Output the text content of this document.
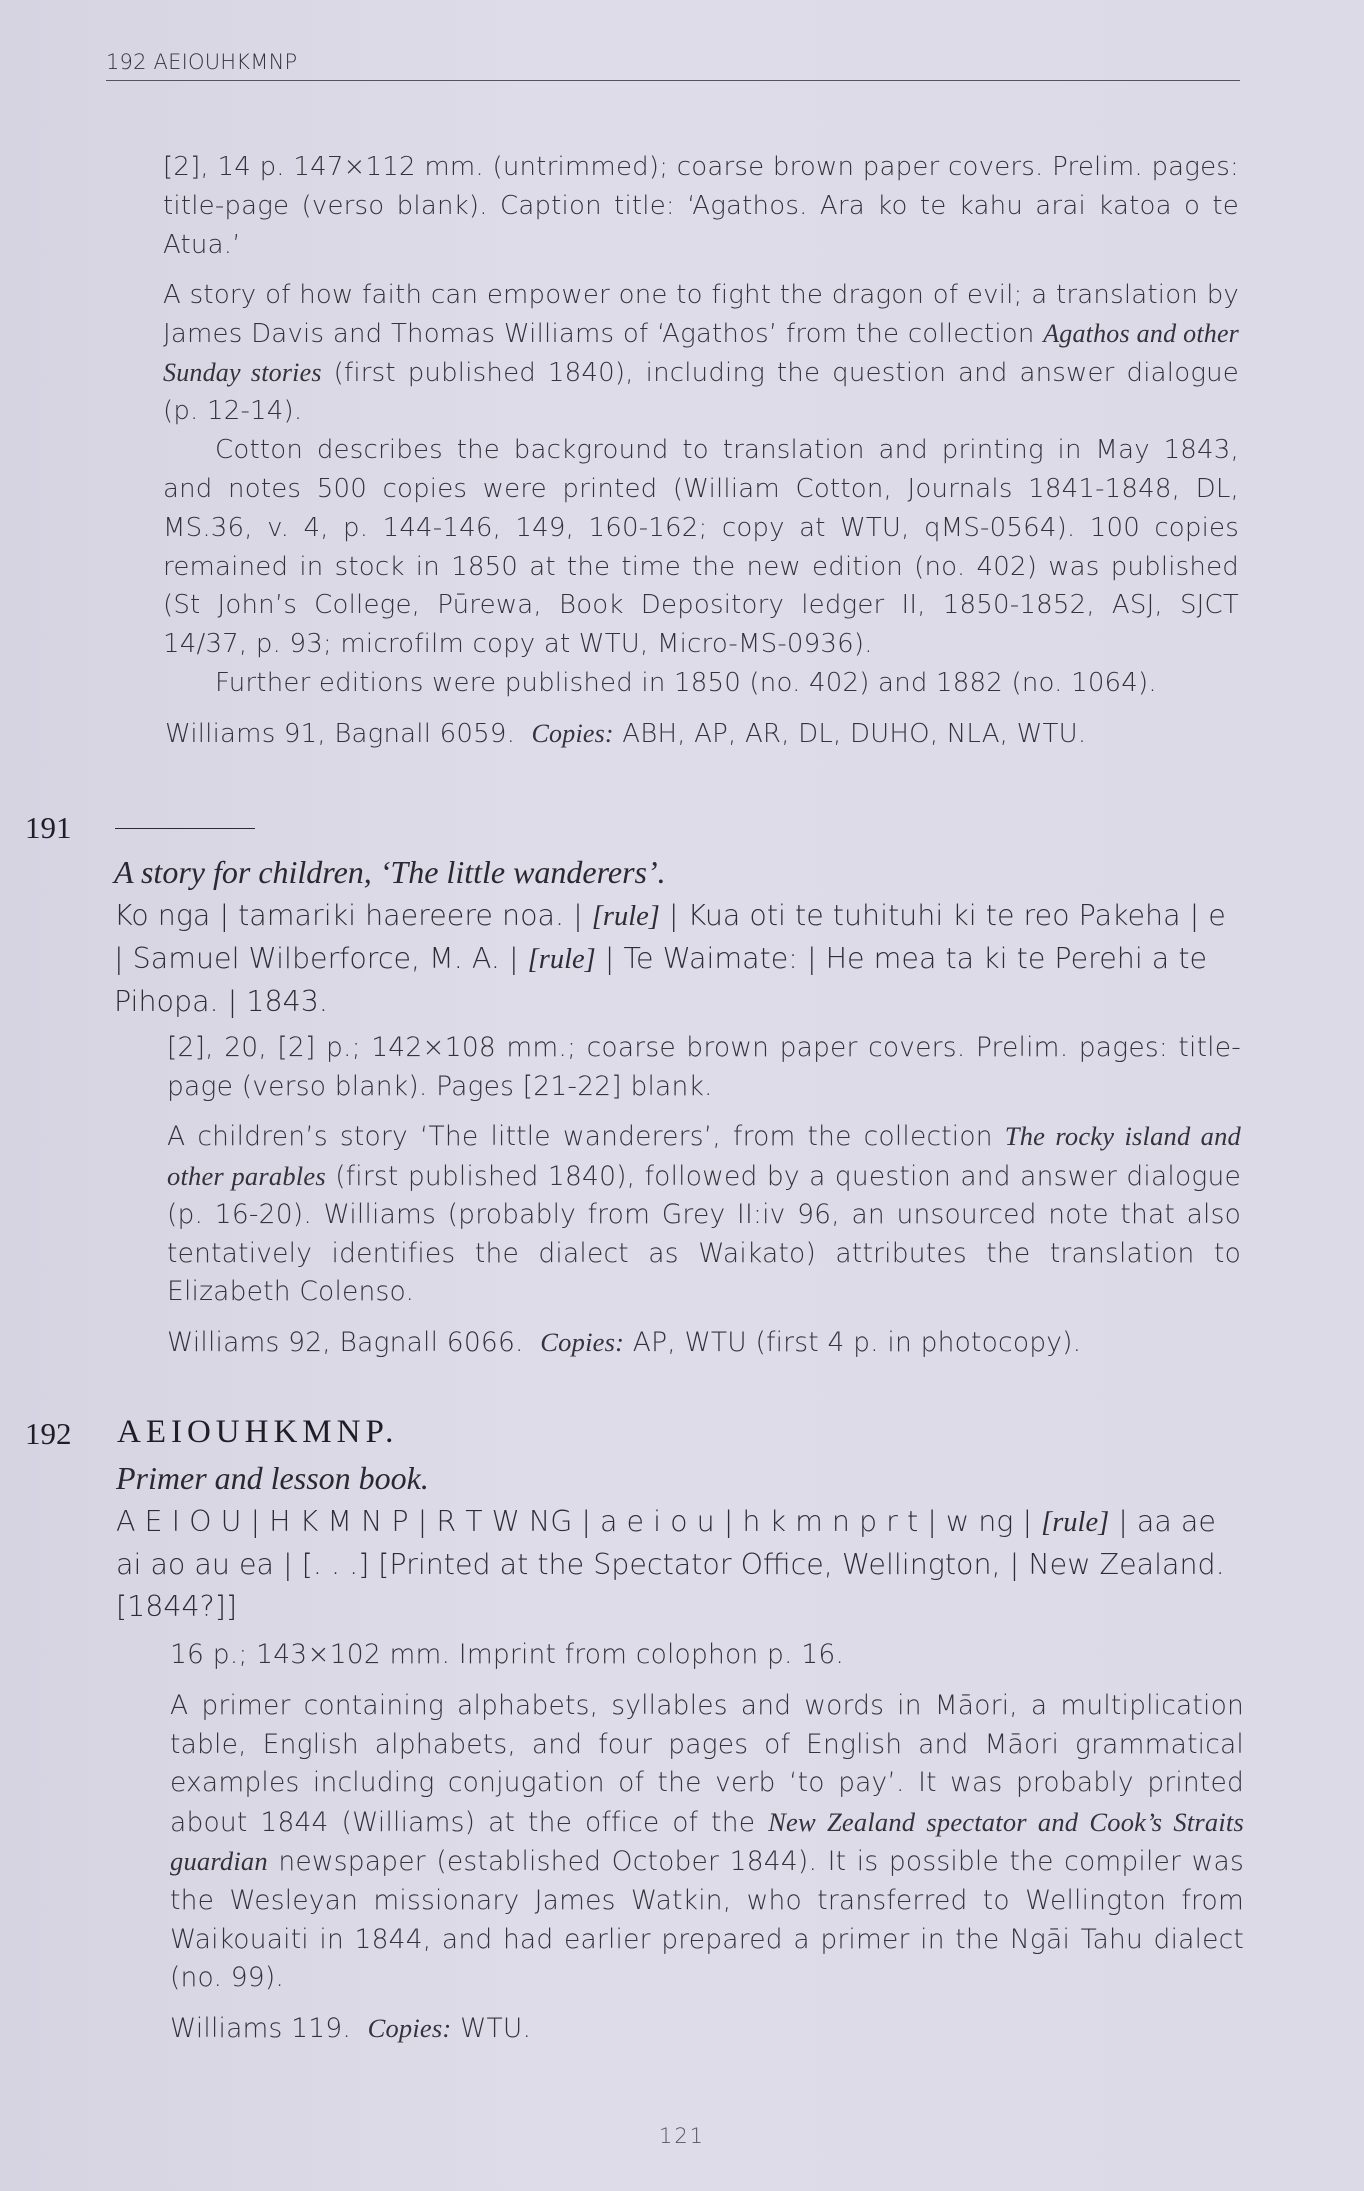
192 AEIOUHKMNP

[2], 14 p. 147×112 mm. (untrimmed); coarse brown paper covers. Prelim. pages: title-page (verso blank). Caption title: ‘Agathos. Ara ko te kahu arai katoa o te Atua.’

A story of how faith can empower one to fight the dragon of evil; a translation by James Davis and Thomas Williams of ‘Agathos’ from the collection Agathos and other Sunday stories (first published 1840), including the question and answer dialogue (p. 12-14).

Cotton describes the background to translation and printing in May 1843, and notes 500 copies were printed (William Cotton, Journals 1841-1848, DL, MS.36, v. 4, p. 144-146, 149, 160-162; copy at WTU, qMS-0564). 100 copies remained in stock in 1850 at the time the new edition (no. 402) was published (St John’s College, Pūrewa, Book Depository ledger II, 1850-1852, ASJ, SJCT 14/37, p. 93; microfilm copy at WTU, Micro-MS-0936).

Further editions were published in 1850 (no. 402) and 1882 (no. 1064).

Williams 91, Bagnall 6059. Copies: ABH, AP, AR, DL, DUHO, NLA, WTU.
191
A story for children, ‘The little wanderers’.
Ko nga | tamariki haereere noa. | [rule] | Kua oti te tuhituhi ki te reo Pakeha | e | Samuel Wilberforce, M. A. | [rule] | Te Waimate: | He mea ta ki te Perehi a te Pihopa. | 1843.

[2], 20, [2] p.; 142×108 mm.; coarse brown paper covers. Prelim. pages: title-page (verso blank). Pages [21-22] blank.

A children’s story ‘The little wanderers’, from the collection The rocky island and other parables (first published 1840), followed by a question and answer dialogue (p. 16-20). Williams (probably from Grey II:iv 96, an unsourced note that also tentatively identifies the dialect as Waikato) attributes the translation to Elizabeth Colenso.

Williams 92, Bagnall 6066. Copies: AP, WTU (first 4 p. in photocopy).
192 AEIOUHKMNP.
Primer and lesson book.
A E I O U | H K M N P | R T W NG | a e i o u | h k m n p r t | w ng | [rule] | aa ae ai ao au ea | [. . .] [Printed at the Spectator Office, Wellington, | New Zealand. [1844?]]

16 p.; 143×102 mm. Imprint from colophon p. 16.

A primer containing alphabets, syllables and words in Māori, a multiplication table, English alphabets, and four pages of English and Māori grammatical examples including conjugation of the verb ‘to pay’. It was probably printed about 1844 (Williams) at the office of the New Zealand spectator and Cook’s Straits guardian newspaper (established October 1844). It is possible the compiler was the Wesleyan missionary James Watkin, who transferred to Wellington from Waikouaiti in 1844, and had earlier prepared a primer in the Ngāi Tahu dialect (no. 99).

Williams 119. Copies: WTU.
121
